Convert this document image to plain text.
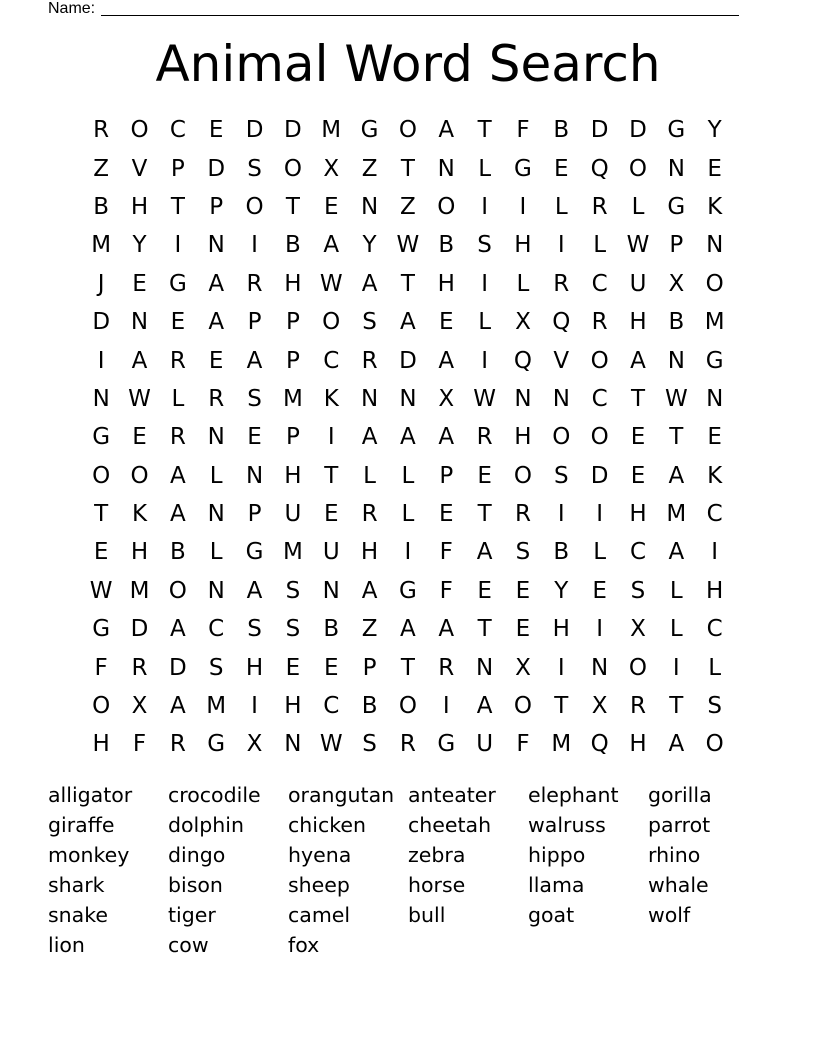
Name:
Animal Word Search
R O C	E D D M G O A	T	F	B D D G Y
Z V	P D S O X Z	T N	L	G E Q O N E
B H T	P O T	E N Z O	I	I	L	R	L	G K
M Y	I	N	I	B A	Y W B	S H	I	L W P N
J	E G A R H W A	T H	I	L	R C U X O
D N E	A	P	P O S	A	E	L	X Q R H B M
I	A R	E	A	P	C R D A	I	Q V O A N G
N W L	R	S M K N N X W N N C	T W N
G E	R N E	P	I	A A A R H O O E	T	E
O O A	L	N H T	L	L	P	E O S D E	A K
T	K A N P U E	R	L	E	T	R	I	I	H M C
E H B	L	G M U H	I	F	A	S	B	L	C A	I
W M O N A	S N A G F	E	E	Y	E	S	L	H
G D A C	S	S	B Z A A	T	E H	I	X	L	C
F	R D S H E	E	P	T	R N X	I	N O	I	L
O X A M	I	H C B O	I	A O T	X R	T	S
H	F	R G X N W S	R G U	F M Q H A O
alligator	crocodile	orangutan anteater	elephant	gorilla
giraffe	dolphin	chicken	cheetah	walruss	parrot
monkey	dingo	hyena	zebra	hippo	rhino
shark	bison	sheep	horse	llama	whale
snake	tiger	camel	bull	goat	wolf
lion	cow	fox
